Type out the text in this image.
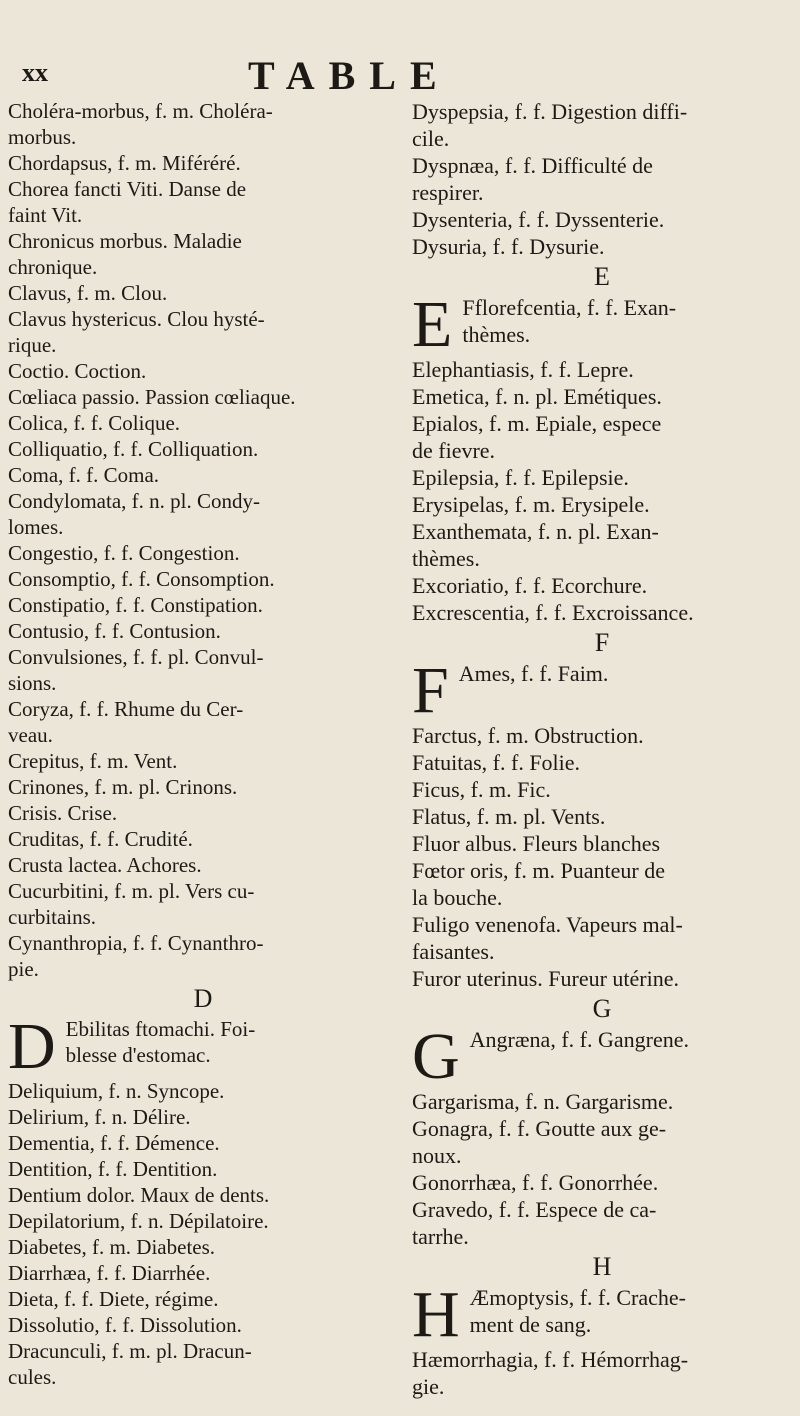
xx	TABLE
Choléra-morbus, f. m. Choléra-
morbus.
Chordapsus, f. m. Miféréré.
Chorea fancti Viti. Danse de
faint Vit.
Chronicus morbus. Maladie
chronique.
Clavus, f. m. Clou.
Clavus hystericus. Clou hysté-
rique.
Coctio. Coction.
Cœliaca passio. Passion cœliaque.
Colica, f. f. Colique.
Colliquatio, f. f. Colliquation.
Coma, f. f. Coma.
Condylomata, f. n. pl. Condy-
lomes.
Congestio, f. f. Congestion.
Consomptio, f. f. Consomption.
Constipatio, f. f. Constipation.
Contusio, f. f. Contusion.
Convulsiones, f. f. pl. Convul-
sions.
Coryza, f. f. Rhume du Cer-
veau.
Crepitus, f. m. Vent.
Crinones, f. m. pl. Crinons.
Crisis. Crise.
Cruditas, f. f. Crudité.
Crusta lactea. Achores.
Cucurbitini, f. m. pl. Vers cu-
curbitains.
Cynanthropia, f. f. Cynanthro-
pie.
D
D Ebilitas ftomachi. Foi-
blesse d'estomac.
Deliquium, f. n. Syncope.
Delirium, f. n. Délire.
Dementia, f. f. Démence.
Dentition, f. f. Dentition.
Dentium dolor. Maux de dents.
Depilatorium, f. n. Dépilatoire.
Diabetes, f. m. Diabetes.
Diarrhæa, f. f. Diarrhée.
Dieta, f. f. Diete, régime.
Dissolutio, f. f. Dissolution.
Dracunculi, f. m. pl. Dracun-
cules.
Dyspepsia, f. f. Digestion diffi-
cile.
Dyspnæa, f. f. Difficulté de
respirer.
Dysenteria, f. f. Dyssenterie.
Dysuria, f. f. Dysurie.
E
E Fflorefcentia, f. f. Exan-
thèmes.
Elephantiasis, f. f. Lepre.
Emetica, f. n. pl. Emétiques.
Epialos, f. m. Epiale, espece
de fievre.
Epilepsia, f. f. Epilepsie.
Erysipelas, f. m. Erysipele.
Exanthemata, f. n. pl. Exan-
thèmes.
Excoriatio, f. f. Ecorchure.
Excrescentia, f. f. Excroissance.
F
F Ames, f. f. Faim.
Farctus, f. m. Obstruction.
Fatuitas, f. f. Folie.
Ficus, f. m. Fic.
Flatus, f. m. pl. Vents.
Fluor albus. Fleurs blanches
Fœtor oris, f. m. Puanteur de
la bouche.
Fuligo venenofa. Vapeurs mal-
faisantes.
Furor uterinus. Fureur utérine.
G
G Angræna, f. f. Gangrene.
Gargarisma, f. n. Gargarisme.
Gonagra, f. f. Goutte aux ge-
noux.
Gonorrhæa, f. f. Gonorrhée.
Gravedo, f. f. Espece de ca-
tarrhe.
H
H Æmoptysis, f. f. Crache-
ment de sang.
Hæmorrhagia, f. f. Hémorrhag-
gie.
